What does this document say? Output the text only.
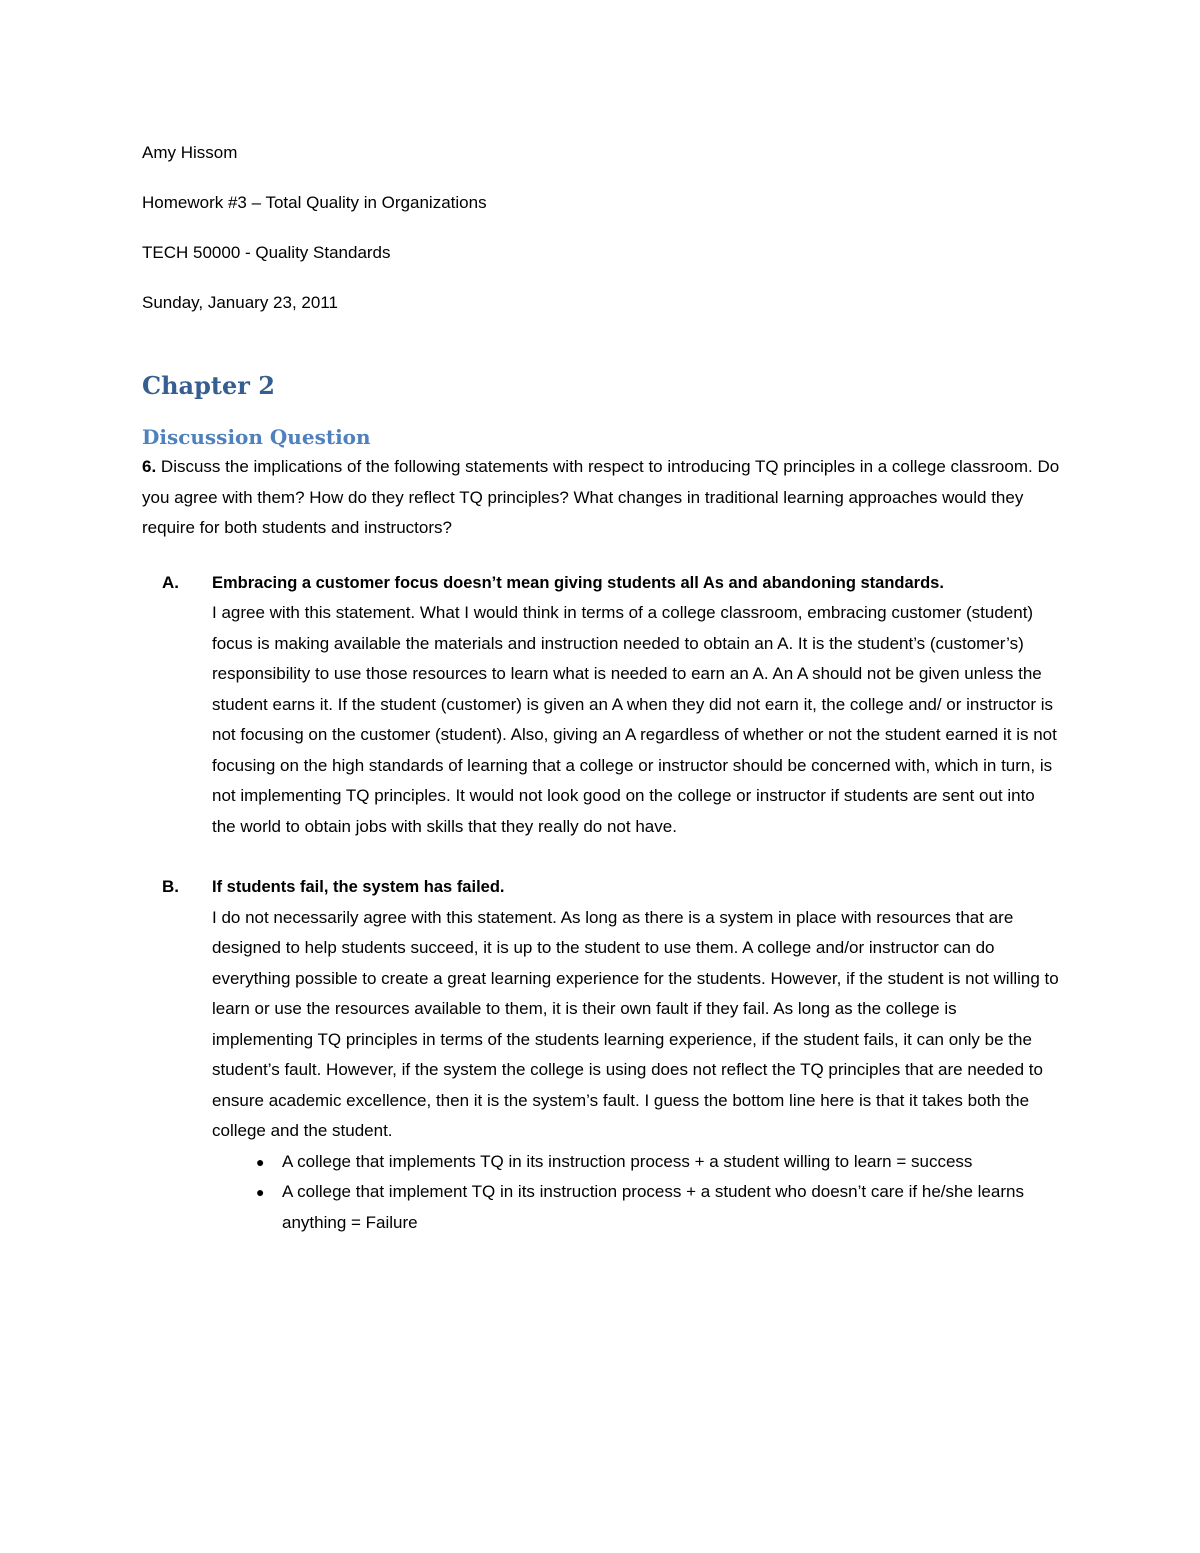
Amy Hissom

Homework #3 – Total Quality in Organizations

TECH 50000 - Quality Standards

Sunday, January 23, 2011

Chapter 2
Discussion Question

6. Discuss the implications of the following statements with respect to introducing TQ principles in a college classroom. Do you agree with them? How do they reflect TQ principles? What changes in traditional learning approaches would they require for both students and instructors?

A. Embracing a customer focus doesn’t mean giving students all As and abandoning standards.

I agree with this statement. What I would think in terms of a college classroom, embracing customer (student) focus is making available the materials and instruction needed to obtain an A. It is the student’s (customer’s) responsibility to use those resources to learn what is needed to earn an A. An A should not be given unless the student earns it. If the student (customer) is given an A when they did not earn it, the college and/ or instructor is not focusing on the customer (student). Also, giving an A regardless of whether or not the student earned it is not focusing on the high standards of learning that a college or instructor should be concerned with, which in turn, is not implementing TQ principles. It would not look good on the college or instructor if students are sent out into the world to obtain jobs with skills that they really do not have.

B. If students fail, the system has failed.

I do not necessarily agree with this statement. As long as there is a system in place with resources that are designed to help students succeed, it is up to the student to use them. A college and/or instructor can do everything possible to create a great learning experience for the students. However, if the student is not willing to learn or use the resources available to them, it is their own fault if they fail. As long as the college is implementing TQ principles in terms of the students learning experience, if the student fails, it can only be the student’s fault. However, if the system the college is using does not reflect the TQ principles that are needed to ensure academic excellence, then it is the system’s fault. I guess the bottom line here is that it takes both the college and the student.

● A college that implements TQ in its instruction process + a student willing to learn = success
● A college that implement TQ in its instruction process + a student who doesn’t care if he/she learns anything = Failure
